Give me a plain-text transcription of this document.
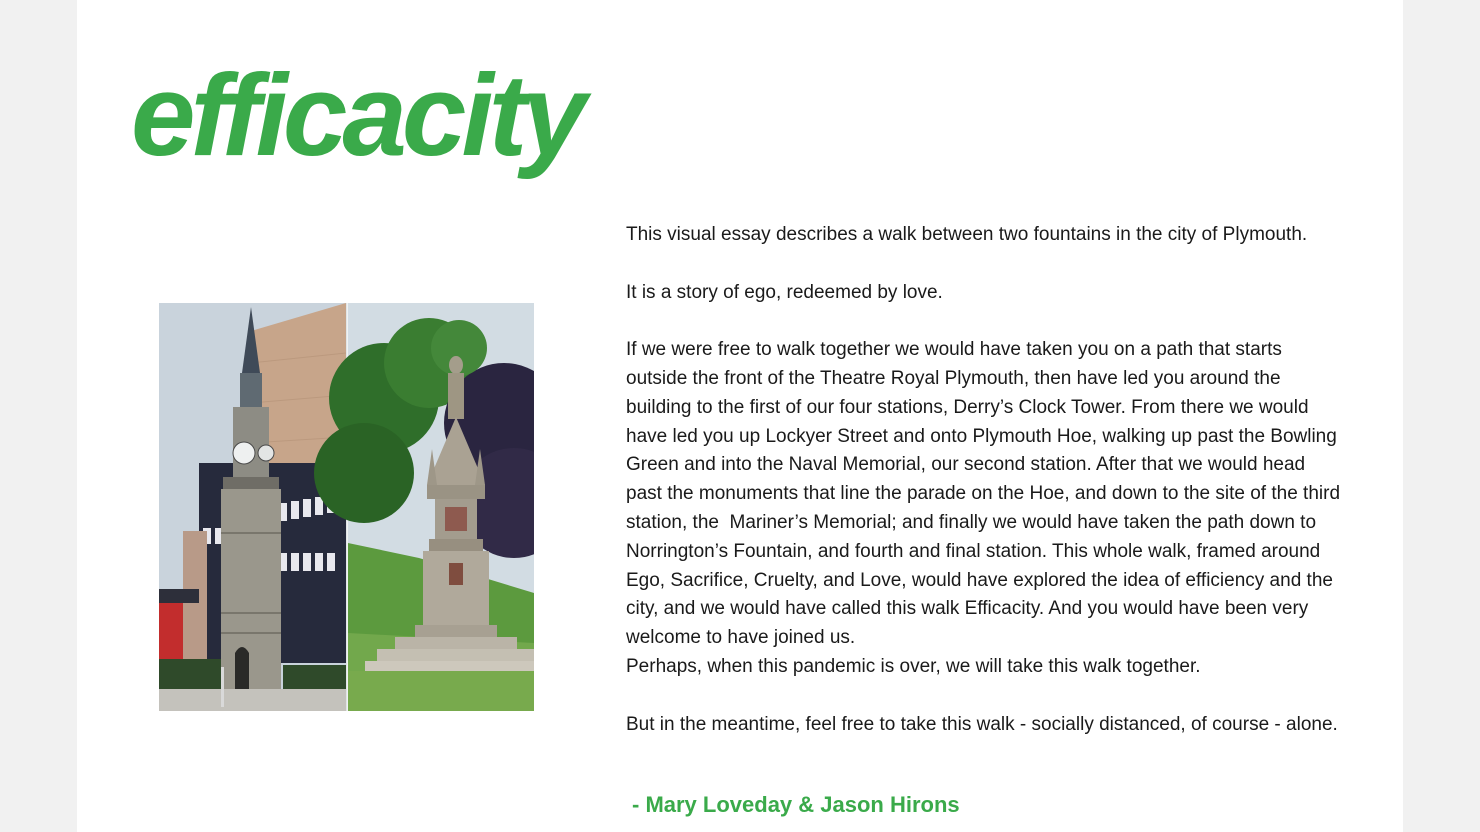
efficacity

This visual essay describes a walk between two fountains in the city of Plymouth.

It is a story of ego, redeemed by love.

If we were free to walk together we would have taken you on a path that starts
outside the front of the Theatre Royal Plymouth, then have led you around the
building to the first of our four stations, Derry’s Clock Tower. From there we would
have led you up Lockyer Street and onto Plymouth Hoe, walking up past the Bowling
Green and into the Naval Memorial, our second station. After that we would head
past the monuments that line the parade on the Hoe, and down to the site of the third
station, the  Mariner’s Memorial; and finally we would have taken the path down to
Norrington’s Fountain, and fourth and final station. This whole walk, framed around
Ego, Sacrifice, Cruelty, and Love, would have explored the idea of efficiency and the
city, and we would have called this walk Efficacity. And you would have been very
welcome to have joined us.

Perhaps, when this pandemic is over, we will take this walk together.

But in the meantime, feel free to take this walk - socially distanced, of course - alone.

- Mary Loveday & Jason Hirons
